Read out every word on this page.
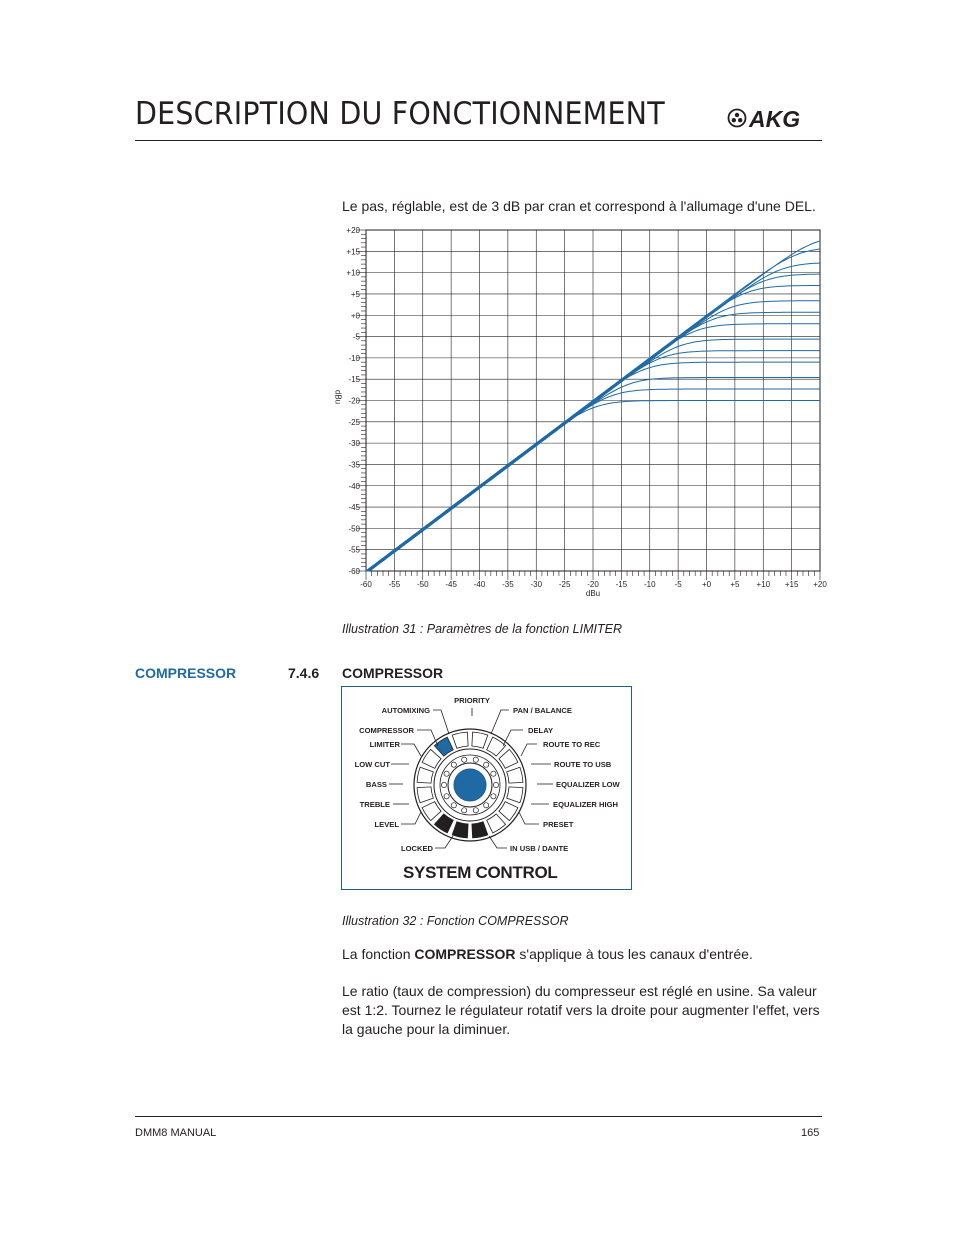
DESCRIPTION DU FONCTIONNEMENT	AKG
Le pas, réglable, est de 3 dB par cran et correspond à l'allumage d'une DEL.
-60 -55 -50 -45 -40 -35 -30 -25 -20 -15 -10 -5	+0 +5 +10 +15 +20
+20
+15
+10
+5
+0
-5
-10
-15
-20
-25
-30
-35
-40
-45
-50
-55
-60
dBu
dBu
Illustration 31 : Paramètres de la fonction LIMITER
COMPRESSOR	7.4.6 COMPRESSOR
PRIORITY
AUTOMIXING	PAN / BALANCE
COMPRESSOR	DELAY
LIMITER	ROUTE TO REC
LOW CUT	ROUTE TO USB
BASS	EQUALIZER LOW
TREBLE	EQUALIZER HIGH
LEVEL	PRESET
LOCKED	IN USB / DANTE
SYSTEM CONTROL
Illustration 32 : Fonction COMPRESSOR
La fonction COMPRESSOR s'applique à tous les canaux d'entrée.
Le ratio (taux de compression) du compresseur est réglé en usine. Sa valeur est 1:2. Tournez le régulateur rotatif vers la droite pour augmenter l'effet, vers la gauche pour la diminuer.
DMM8 MANUAL	165
